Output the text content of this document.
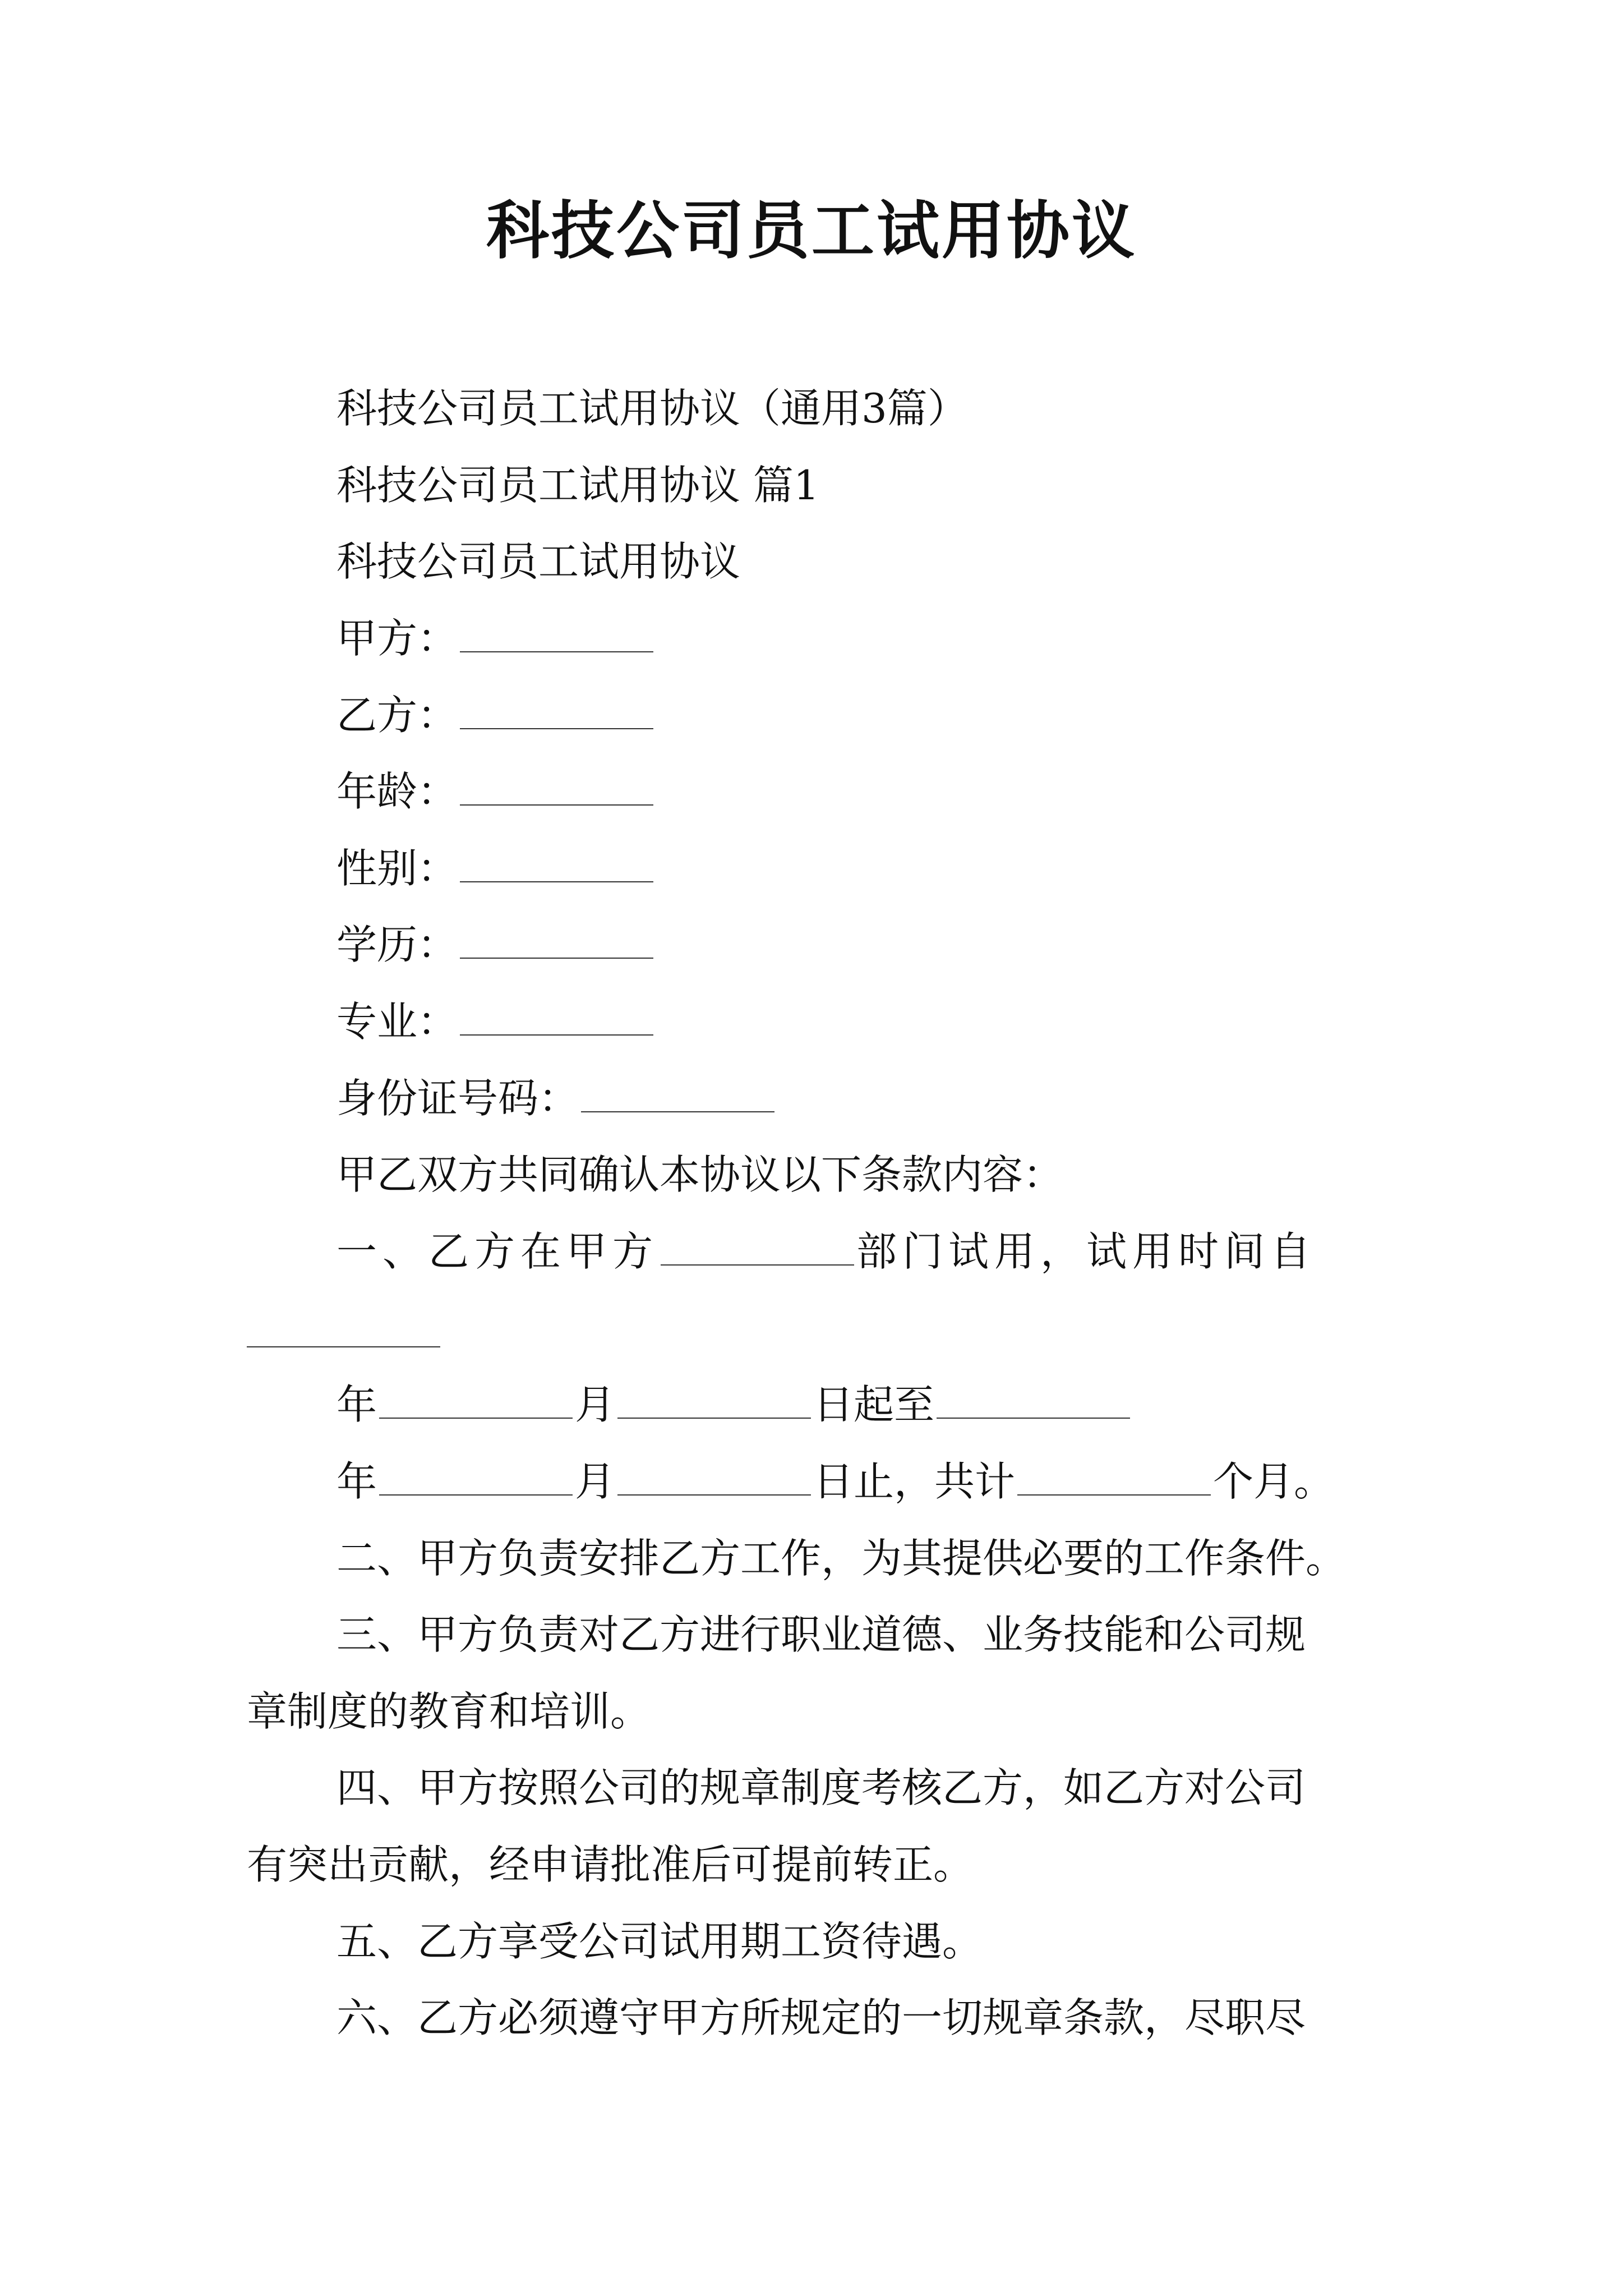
科技公司员工试用协议
科技公司员工试用协议（通用3篇）
科技公司员工试用协议 篇1
科技公司员工试用协议
甲方：
乙方：
年龄：
性别：
学历：
专业：
身份证号码：
甲乙双方共同确认本协议以下条款内容：
一、乙方在甲方	部门试用，试用时间自
年	月	日起至
年	月	日止，共计	个月。
二、甲方负责安排乙方工作，为其提供必要的工作条件。
三、甲方负责对乙方进行职业道德、业务技能和公司规
章制度的教育和培训。
四、甲方按照公司的规章制度考核乙方，如乙方对公司
有突出贡献，经申请批准后可提前转正。
五、乙方享受公司试用期工资待遇。
六、乙方必须遵守甲方所规定的一切规章条款，尽职尽
